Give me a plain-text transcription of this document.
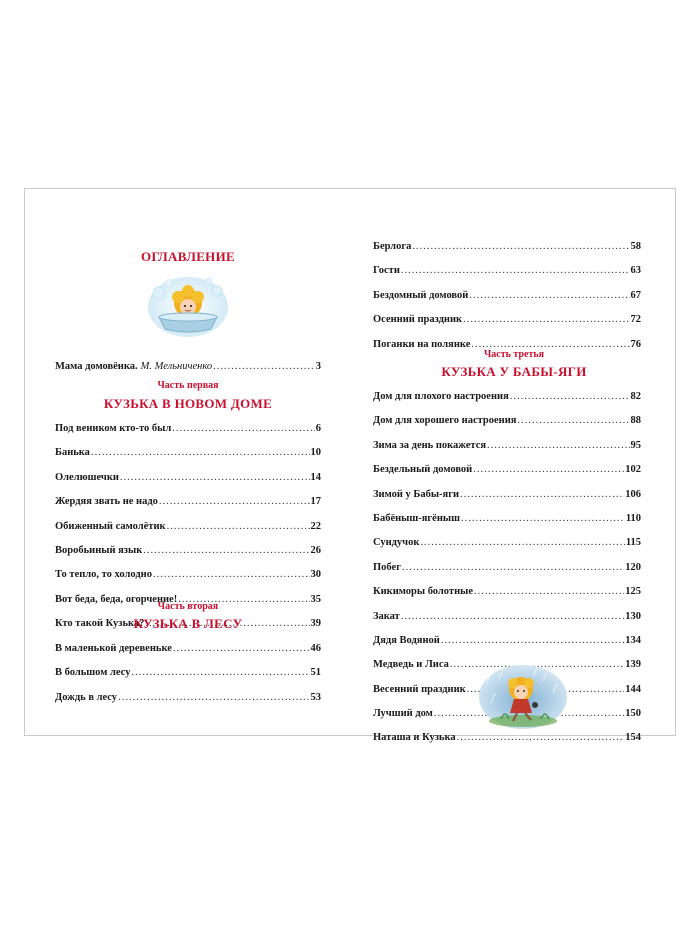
ОГЛАВЛЕНИЕ
Мама домовёнка. М. Мельниченко .....	3
Часть первая
КУЗЬКА В НОВОМ ДОМЕ
Под веником кто-то был .....	6
Банька .....	10
Олелюшечки .....	14
Жердяя звать не надо .....	17
Обиженный самолётик .....	22
Воробьиный язык .....	26
То тепло, то холодно .....	30
Вот беда, беда, огорчение! .....	35
Кто такой Кузька? .....	39
Часть вторая
КУЗЬКА В ЛЕСУ
В маленькой деревеньке .....	46
В большом лесу .....	51
Дождь в лесу .....	53
Берлога .....	58
Гости .....	63
Бездомный домовой .....	67
Осенний праздник .....	72
Поганки на полянке .....	76
Часть третья
КУЗЬКА У БАБЫ-ЯГИ
Дом для плохого настроения .....	82
Дом для хорошего настроения .....	88
Зима за день покажется .....	95
Бездельный домовой .....	102
Зимой у Бабы-яги .....	106
Бабёныш-ягёныш .....	110
Сундучок .....	115
Побег .....	120
Кикиморы болотные .....	125
Закат .....	130
Дядя Водяной .....	134
Медведь и Лиса .....	139
Весенний праздник .....	144
Лучший дом .....	150
Наташа и Кузька .....	154
